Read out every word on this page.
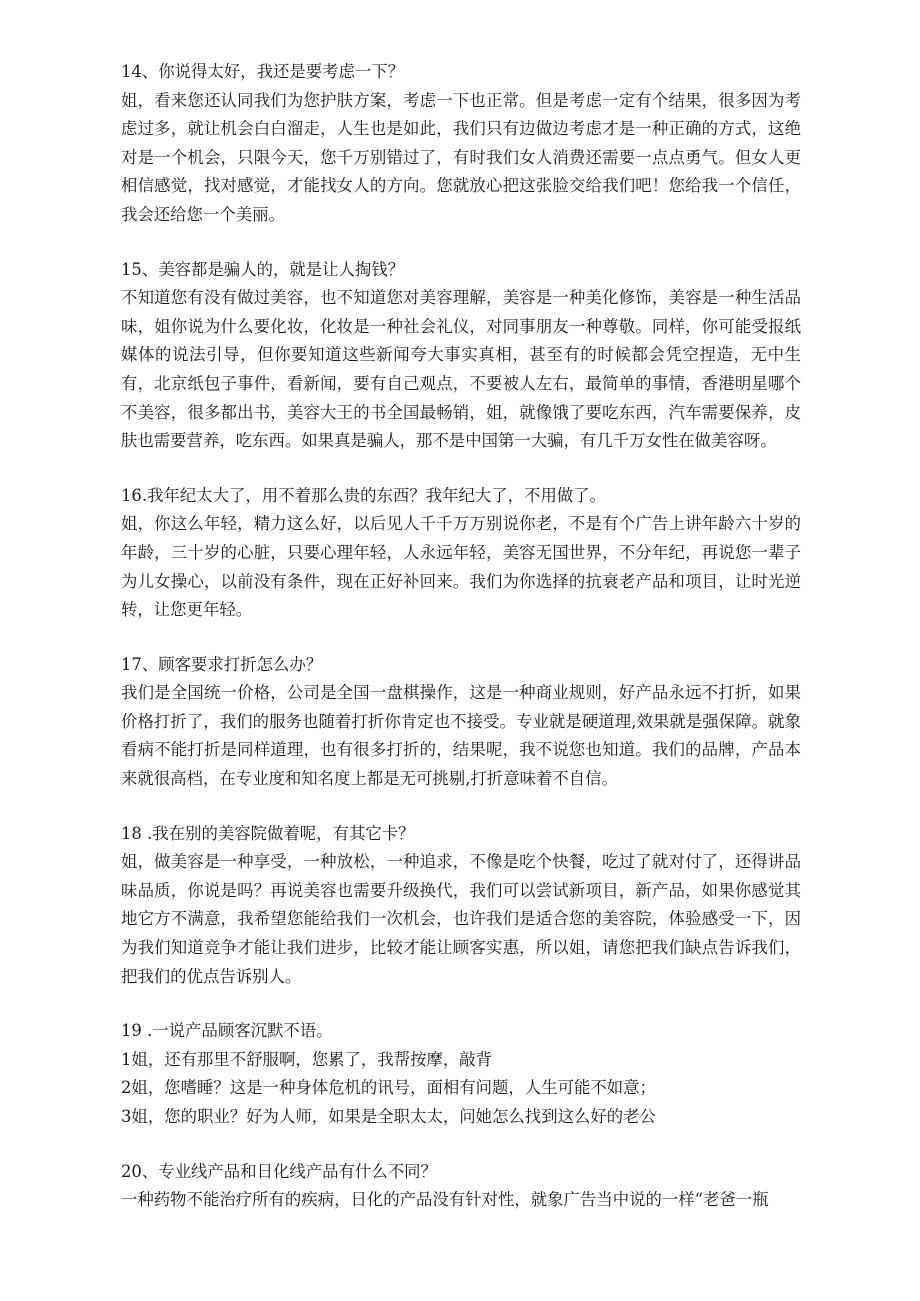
14、你说得太好，我还是要考虑一下？

姐，看来您还认同我们为您护肤方案，考虑一下也正常。但是考虑一定有个结果，很多因为考虑过多，就让机会白白溜走，人生也是如此，我们只有边做边考虑才是一种正确的方式，这绝对是一个机会，只限今天，您千万别错过了，有时我们女人消费还需要一点点勇气。但女人更相信感觉，找对感觉，才能找女人的方向。您就放心把这张脸交给我们吧！您给我一个信任，我会还给您一个美丽。

15、美容都是骗人的，就是让人掏钱？

不知道您有没有做过美容，也不知道您对美容理解，美容是一种美化修饰，美容是一种生活品味，姐你说为什么要化妆，化妆是一种社会礼仪，对同事朋友一种尊敬。同样，你可能受报纸媒体的说法引导，但你要知道这些新闻夸大事实真相，甚至有的时候都会凭空捏造，无中生有，北京纸包子事件，看新闻，要有自己观点，不要被人左右，最简单的事情，香港明星哪个不美容，很多都出书，美容大王的书全国最畅销，姐，就像饿了要吃东西，汽车需要保养，皮肤也需要营养，吃东西。如果真是骗人，那不是中国第一大骗，有几千万女性在做美容呀。

16.我年纪太大了，用不着那么贵的东西？我年纪大了，不用做了。

姐，你这么年轻，精力这么好，以后见人千千万万别说你老，不是有个广告上讲年龄六十岁的年龄，三十岁的心脏，只要心理年轻，人永远年轻，美容无国世界，不分年纪，再说您一辈子为儿女操心，以前没有条件，现在正好补回来。我们为你选择的抗衰老产品和项目，让时光逆转，让您更年轻。

17、顾客要求打折怎么办？

我们是全国统一价格，公司是全国一盘棋操作，这是一种商业规则，好产品永远不打折，如果价格打折了，我们的服务也随着打折你肯定也不接受。专业就是硬道理,效果就是强保障。就象看病不能打折是同样道理，也有很多打折的，结果呢，我不说您也知道。我们的品牌，产品本来就很高档，在专业度和知名度上都是无可挑剔,打折意味着不自信。

18 .我在别的美容院做着呢，有其它卡？

姐，做美容是一种享受，一种放松，一种追求，不像是吃个快餐，吃过了就对付了，还得讲品味品质，你说是吗？再说美容也需要升级换代，我们可以尝试新项目，新产品，如果你感觉其地它方不满意，我希望您能给我们一次机会，也许我们是适合您的美容院，体验感受一下，因为我们知道竞争才能让我们进步，比较才能让顾客实惠，所以姐，请您把我们缺点告诉我们，把我们的优点告诉别人。

19 .一说产品顾客沉默不语。

1姐，还有那里不舒服啊，您累了，我帮按摩，敲背

2姐，您嗜睡？这是一种身体危机的讯号，面相有问题，人生可能不如意；

3姐，您的职业？好为人师，如果是全职太太，问她怎么找到这么好的老公

20、专业线产品和日化线产品有什么不同？

一种药物不能治疗所有的疾病，日化的产品没有针对性，就象广告当中说的一样“老爸一瓶
